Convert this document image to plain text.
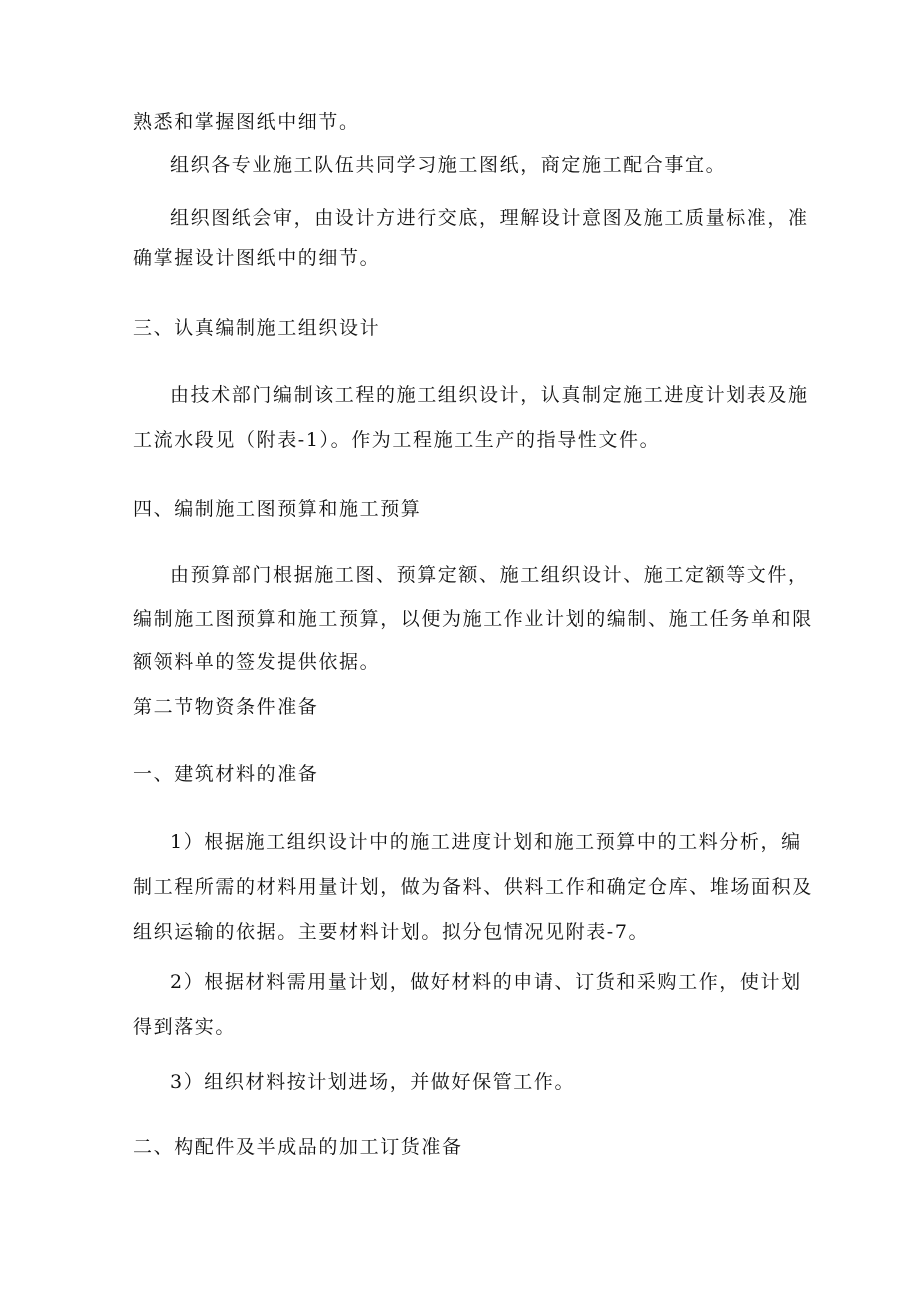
熟悉和掌握图纸中细节。
组织各专业施工队伍共同学习施工图纸，商定施工配合事宜。
组织图纸会审，由设计方进行交底，理解设计意图及施工质量标准，准
确掌握设计图纸中的细节。
三、认真编制施工组织设计
由技术部门编制该工程的施工组织设计，认真制定施工进度计划表及施
工流水段见（附表-1）。作为工程施工生产的指导性文件。
四、编制施工图预算和施工预算
由预算部门根据施工图、预算定额、施工组织设计、施工定额等文件，
编制施工图预算和施工预算，以便为施工作业计划的编制、施工任务单和限
额领料单的签发提供依据。
第二节物资条件准备
一、建筑材料的准备
1）根据施工组织设计中的施工进度计划和施工预算中的工料分析，编
制工程所需的材料用量计划，做为备料、供料工作和确定仓库、堆场面积及
组织运输的依据。主要材料计划。拟分包情况见附表-7。
2）根据材料需用量计划，做好材料的申请、订货和采购工作，使计划
得到落实。
3）组织材料按计划进场，并做好保管工作。
二、构配件及半成品的加工订货准备
